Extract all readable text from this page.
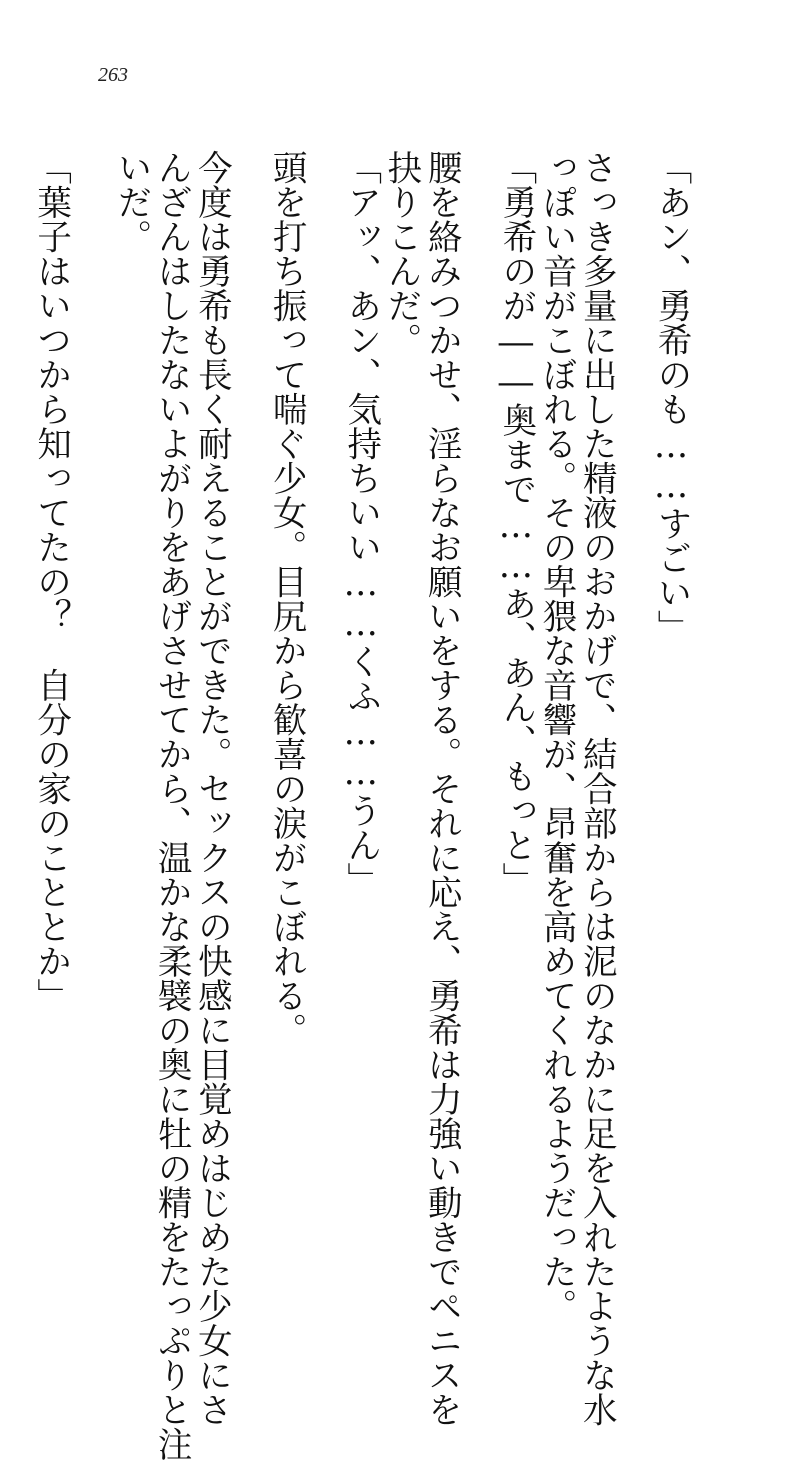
263

「あン、勇希のも……すごい」

さっき多量に出した精液のおかげで、結合部からは泥のなかに足を入れたような水

っぽい音がこぼれる。その卑猥な音響が、昂奮を高めてくれるようだった。

「勇希のが――奥まで……あ、あん、もっと」

腰を絡みつかせ、淫らなお願いをする。それに応え、勇希は力強い動きでペニスを

抉りこんだ。

「アッ、あン、気持ちいい……くふ……うん」

頭を打ち振って喘ぐ少女。目尻から歓喜の涙がこぼれる。

今度は勇希も長く耐えることができた。セックスの快感に目覚めはじめた少女にさ

んざんはしたないよがりをあげさせてから、温かな柔襞の奥に牡の精をたっぷりと注

いだ。

「葉子はいつから知ってたの？　自分の家のこととか」
